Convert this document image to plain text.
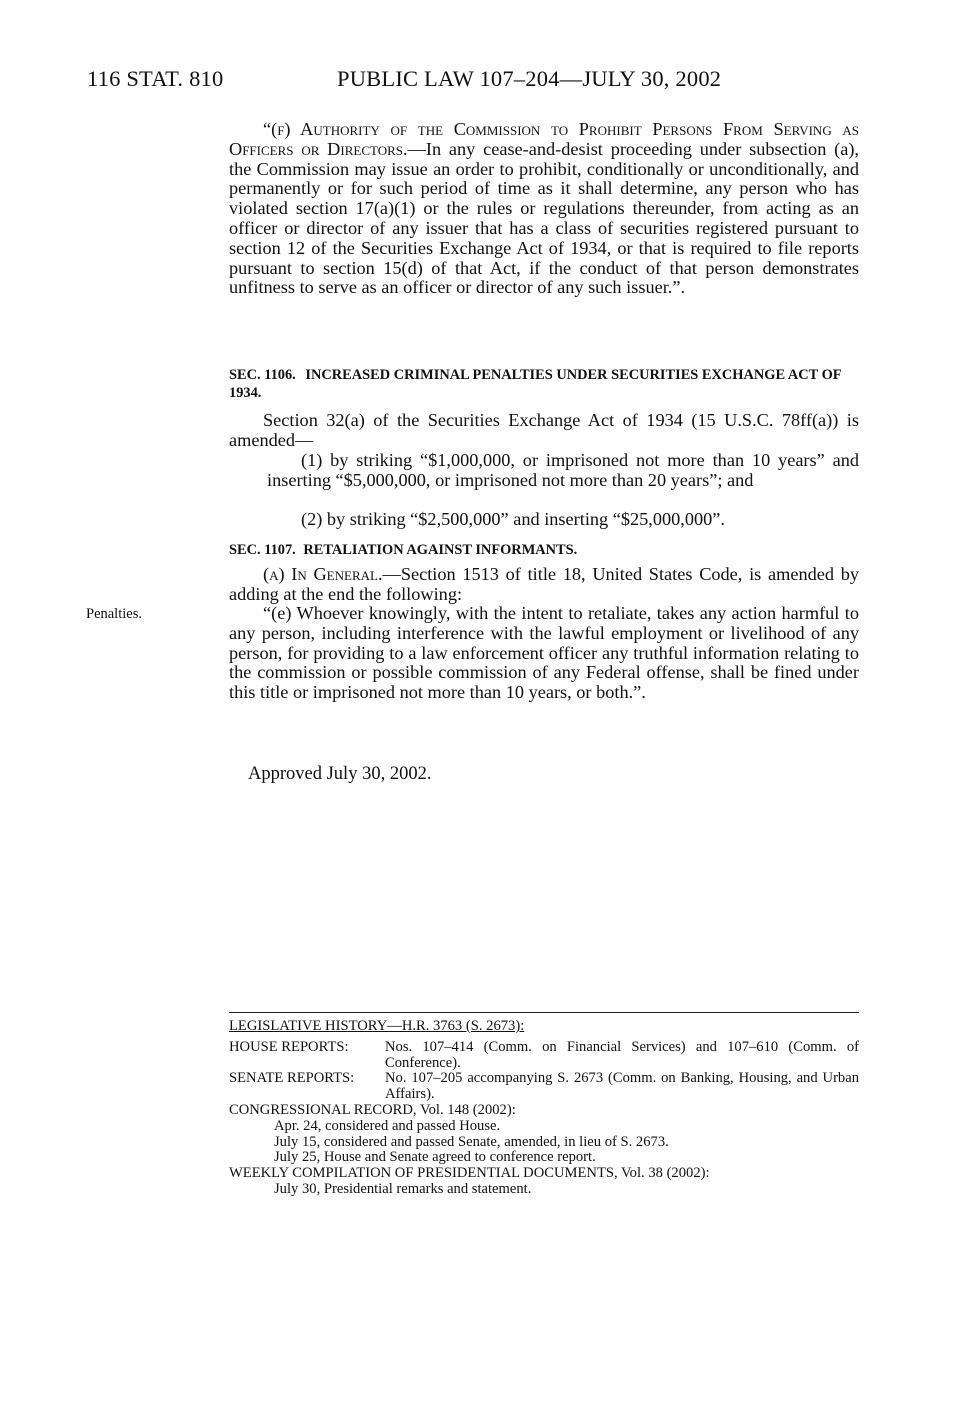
116 STAT. 810	PUBLIC LAW 107–204—JULY 30, 2002

“(f) Authority of the Commission to Prohibit Persons From Serving as Officers or Directors.—In any cease-and-desist proceeding under subsection (a), the Commission may issue an order to prohibit, conditionally or unconditionally, and permanently or for such period of time as it shall determine, any person who has violated section 17(a)(1) or the rules or regulations thereunder, from acting as an officer or director of any issuer that has a class of securities registered pursuant to section 12 of the Securities Exchange Act of 1934, or that is required to file reports pursuant to section 15(d) of that Act, if the conduct of that person demonstrates unfitness to serve as an officer or director of any such issuer.”.

SEC. 1106. INCREASED CRIMINAL PENALTIES UNDER SECURITIES EXCHANGE ACT OF 1934.

Section 32(a) of the Securities Exchange Act of 1934 (15 U.S.C. 78ff(a)) is amended—

(1) by striking “$1,000,000, or imprisoned not more than 10 years” and inserting “$5,000,000, or imprisoned not more than 20 years”; and

(2) by striking “$2,500,000” and inserting “$25,000,000”.

SEC. 1107. RETALIATION AGAINST INFORMANTS.

(a) In General.—Section 1513 of title 18, United States Code, is amended by adding at the end the following:

Penalties.	“(e) Whoever knowingly, with the intent to retaliate, takes any action harmful to any person, including interference with the lawful employment or livelihood of any person, for providing to a law enforcement officer any truthful information relating to the commission or possible commission of any Federal offense, shall be fined under this title or imprisoned not more than 10 years, or both.”.

Approved July 30, 2002.
LEGISLATIVE HISTORY—H.R. 3763 (S. 2673):
HOUSE REPORTS: Nos. 107–414 (Comm. on Financial Services) and 107–610 (Comm. of Conference).
SENATE REPORTS: No. 107–205 accompanying S. 2673 (Comm. on Banking, Housing, and Urban Affairs).
CONGRESSIONAL RECORD, Vol. 148 (2002):
Apr. 24, considered and passed House.
July 15, considered and passed Senate, amended, in lieu of S. 2673.
July 25, House and Senate agreed to conference report.
WEEKLY COMPILATION OF PRESIDENTIAL DOCUMENTS, Vol. 38 (2002):
July 30, Presidential remarks and statement.
